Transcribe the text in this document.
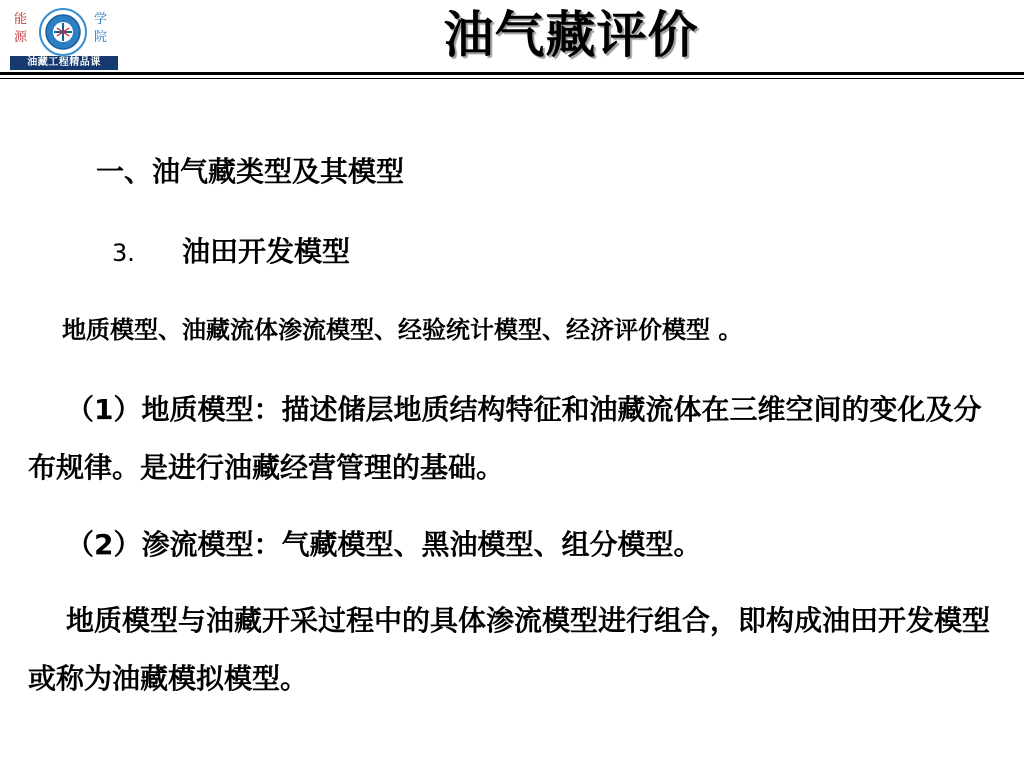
能
源
学
院
油藏工程精品课	油气藏评价
一、油气藏类型及其模型
3. 油田开发模型
地质模型、油藏流体渗流模型、经验统计模型、经济评价模型 。
（1）地质模型：描述储层地质结构特征和油藏流体在三维空间的变化及分布规律。是进行油藏经营管理的基础。
（2）渗流模型：气藏模型、黑油模型、组分模型。
地质模型与油藏开采过程中的具体渗流模型进行组合，即构成油田开发模型或称为油藏模拟模型。
